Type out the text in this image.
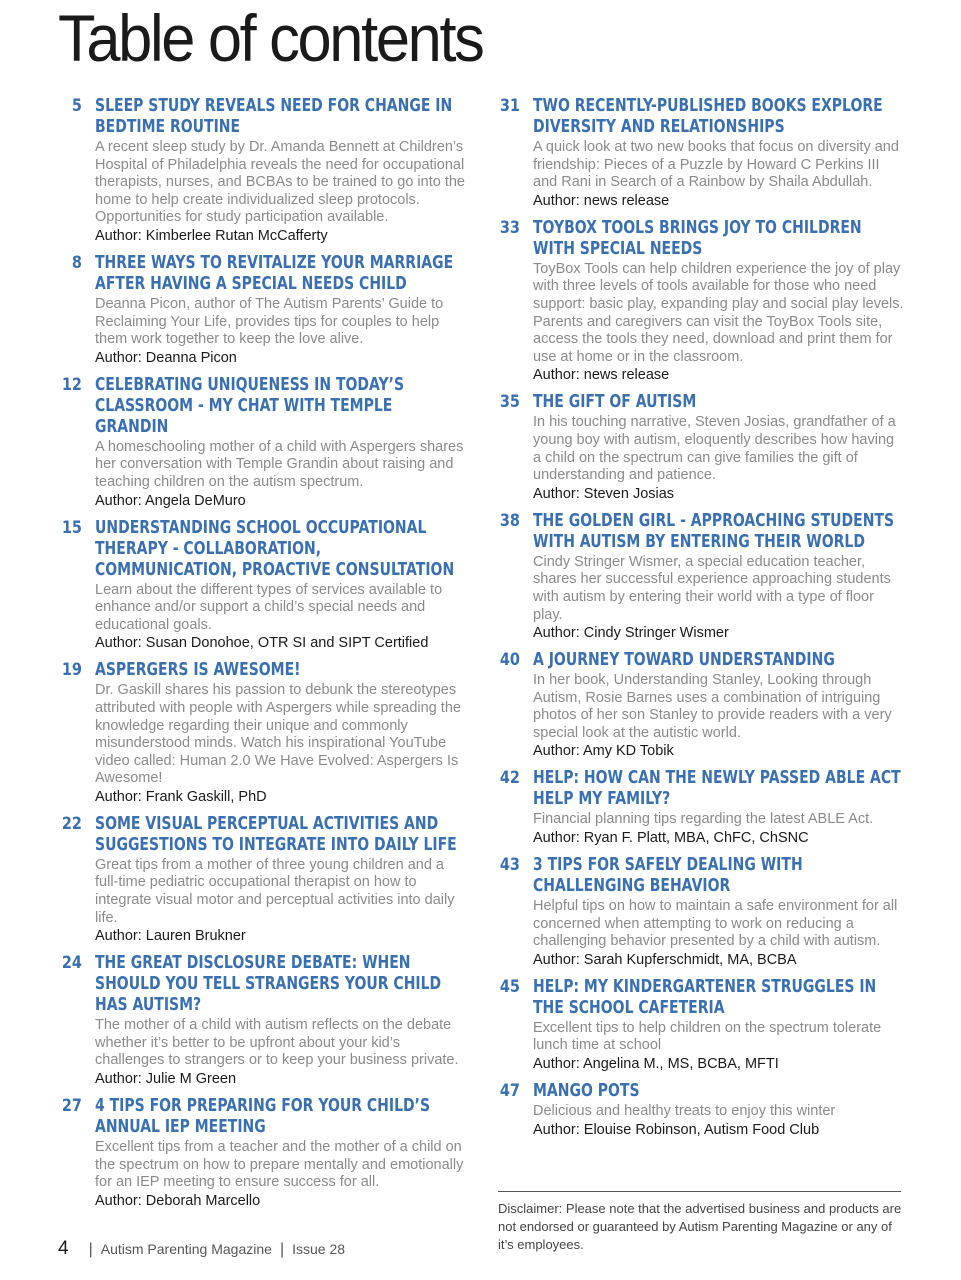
Table of contents
5 SLEEP STUDY REVEALS NEED FOR CHANGE IN BEDTIME ROUTINE
A recent sleep study by Dr. Amanda Bennett at Children’s Hospital of Philadelphia reveals the need for occupational therapists, nurses, and BCBAs to be trained to go into the home to help create individualized sleep protocols. Opportunities for study participation available.
Author: Kimberlee Rutan McCafferty
8 THREE WAYS TO REVITALIZE YOUR MARRIAGE AFTER HAVING A SPECIAL NEEDS CHILD
Deanna Picon, author of The Autism Parents’ Guide to Reclaiming Your Life, provides tips for couples to help them work together to keep the love alive.
Author: Deanna Picon
12 CELEBRATING UNIQUENESS IN TODAY’S CLASSROOM - MY CHAT WITH TEMPLE GRANDIN
A homeschooling mother of a child with Aspergers shares her conversation with Temple Grandin about raising and teaching children on the autism spectrum.
Author: Angela DeMuro
15 UNDERSTANDING SCHOOL OCCUPATIONAL THERAPY - COLLABORATION, COMMUNICATION, PROACTIVE CONSULTATION
Learn about the different types of services available to enhance and/or support a child’s special needs and educational goals.
Author: Susan Donohoe, OTR SI and SIPT Certified
19 ASPERGERS IS AWESOME!
Dr. Gaskill shares his passion to debunk the stereotypes attributed with people with Aspergers while spreading the knowledge regarding their unique and commonly misunderstood minds. Watch his inspirational YouTube video called: Human 2.0 We Have Evolved: Aspergers Is Awesome!
Author: Frank Gaskill, PhD
22 SOME VISUAL PERCEPTUAL ACTIVITIES AND SUGGESTIONS TO INTEGRATE INTO DAILY LIFE
Great tips from a mother of three young children and a full-time pediatric occupational therapist on how to integrate visual motor and perceptual activities into daily life.
Author: Lauren Brukner
24 THE GREAT DISCLOSURE DEBATE: WHEN SHOULD YOU TELL STRANGERS YOUR CHILD HAS AUTISM?
The mother of a child with autism reflects on the debate whether it’s better to be upfront about your kid’s challenges to strangers or to keep your business private.
Author: Julie M Green
27 4 TIPS FOR PREPARING FOR YOUR CHILD’S ANNUAL IEP MEETING
Excellent tips from a teacher and the mother of a child on the spectrum on how to prepare mentally and emotionally for an IEP meeting to ensure success for all.
Author: Deborah Marcello
31 TWO RECENTLY-PUBLISHED BOOKS EXPLORE DIVERSITY AND RELATIONSHIPS
A quick look at two new books that focus on diversity and friendship: Pieces of a Puzzle by Howard C Perkins III and Rani in Search of a Rainbow by Shaila Abdullah.
Author: news release
33 TOYBOX TOOLS BRINGS JOY TO CHILDREN WITH SPECIAL NEEDS
ToyBox Tools can help children experience the joy of play with three levels of tools available for those who need support: basic play, expanding play and social play levels. Parents and caregivers can visit the ToyBox Tools site, access the tools they need, download and print them for use at home or in the classroom.
Author: news release
35 THE GIFT OF AUTISM
In his touching narrative, Steven Josias, grandfather of a young boy with autism, eloquently describes how having a child on the spectrum can give families the gift of understanding and patience.
Author: Steven Josias
38 THE GOLDEN GIRL - APPROACHING STUDENTS WITH AUTISM BY ENTERING THEIR WORLD
Cindy Stringer Wismer, a special education teacher, shares her successful experience approaching students with autism by entering their world with a type of floor play.
Author: Cindy Stringer Wismer
40 A JOURNEY TOWARD UNDERSTANDING
In her book, Understanding Stanley, Looking through Autism, Rosie Barnes uses a combination of intriguing photos of her son Stanley to provide readers with a very special look at the autistic world.
Author: Amy KD Tobik
42 HELP: HOW CAN THE NEWLY PASSED ABLE ACT HELP MY FAMILY?
Financial planning tips regarding the latest ABLE Act.
Author: Ryan F. Platt, MBA, ChFC, ChSNC
43 3 TIPS FOR SAFELY DEALING WITH CHALLENGING BEHAVIOR
Helpful tips on how to maintain a safe environment for all concerned when attempting to work on reducing a challenging behavior presented by a child with autism.
Author: Sarah Kupferschmidt, MA, BCBA
45 HELP: MY KINDERGARTENER STRUGGLES IN THE SCHOOL CAFETERIA
Excellent tips to help children on the spectrum tolerate lunch time at school
Author: Angelina M., MS, BCBA, MFTI
47 MANGO POTS
Delicious and healthy treats to enjoy this winter
Author: Elouise Robinson, Autism Food Club
Disclaimer: Please note that the advertised business and products are not endorsed or guaranteed by Autism Parenting Magazine or any of it’s employees.
4 | Autism Parenting Magazine | Issue 28
